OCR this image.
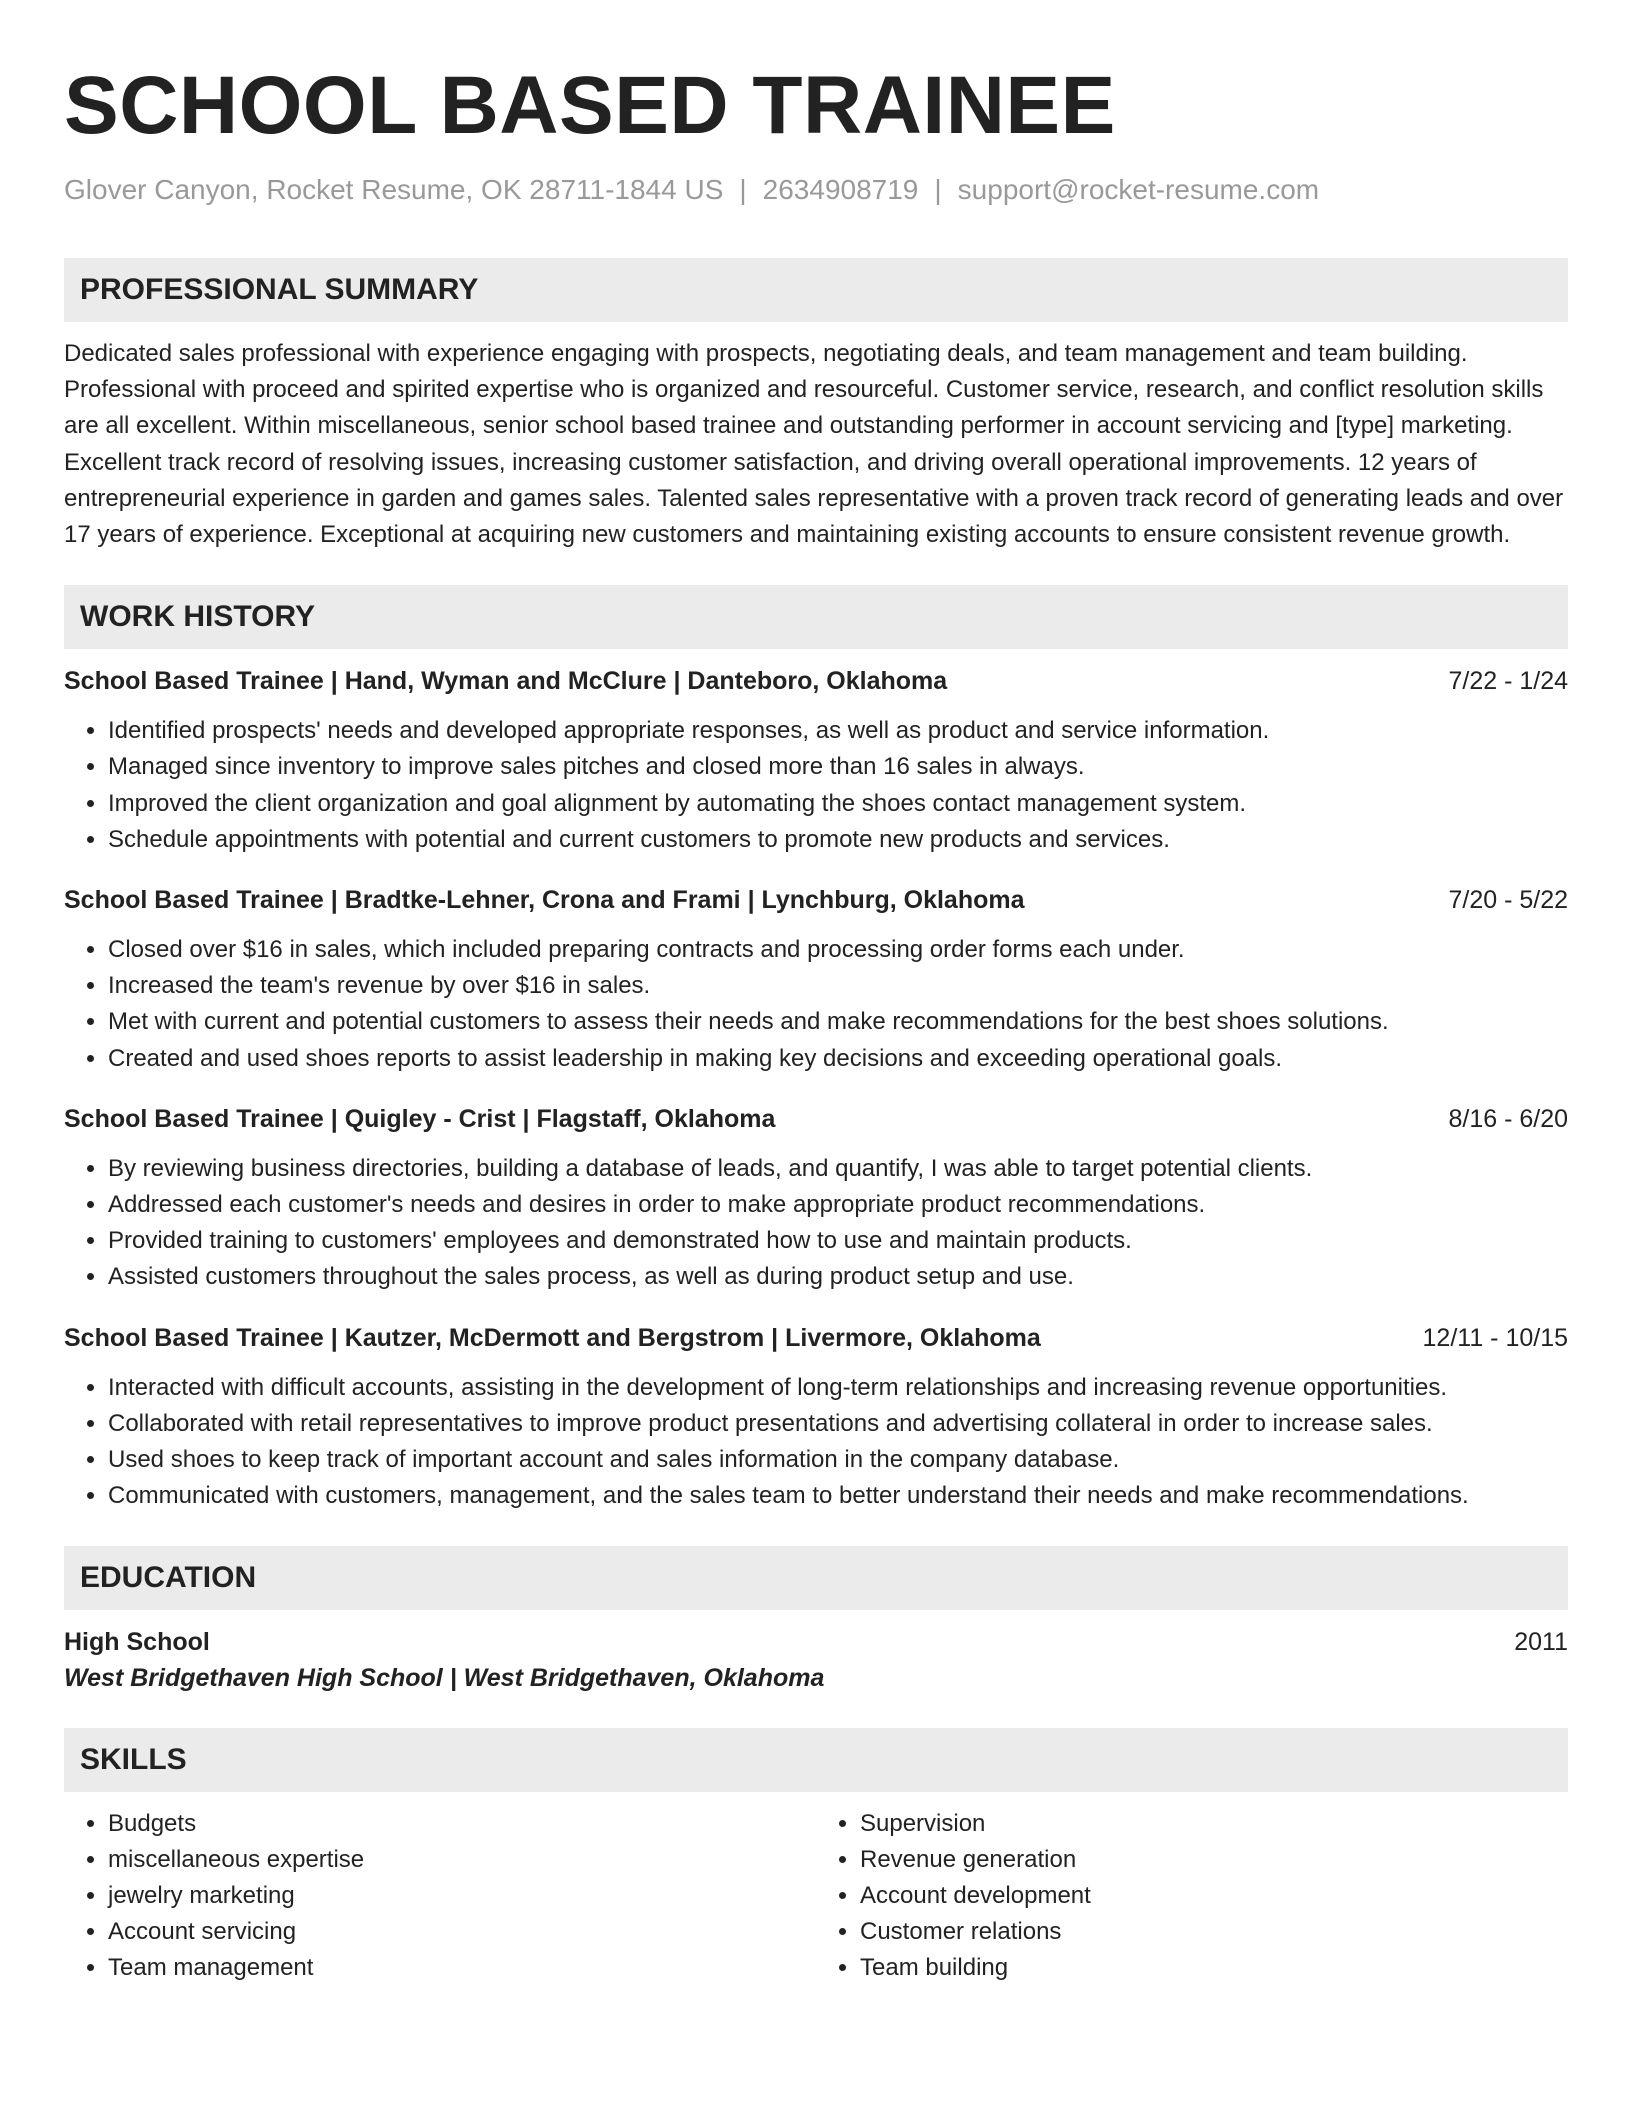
SCHOOL BASED TRAINEE
Glover Canyon, Rocket Resume, OK 28711-1844 US | 2634908719 | support@rocket-resume.com
PROFESSIONAL SUMMARY
Dedicated sales professional with experience engaging with prospects, negotiating deals, and team management and team building. Professional with proceed and spirited expertise who is organized and resourceful. Customer service, research, and conflict resolution skills are all excellent. Within miscellaneous, senior school based trainee and outstanding performer in account servicing and [type] marketing. Excellent track record of resolving issues, increasing customer satisfaction, and driving overall operational improvements. 12 years of entrepreneurial experience in garden and games sales. Talented sales representative with a proven track record of generating leads and over 17 years of experience. Exceptional at acquiring new customers and maintaining existing accounts to ensure consistent revenue growth.
WORK HISTORY
School Based Trainee | Hand, Wyman and McClure | Danteboro, Oklahoma	7/22 - 1/24
• Identified prospects' needs and developed appropriate responses, as well as product and service information.
• Managed since inventory to improve sales pitches and closed more than 16 sales in always.
• Improved the client organization and goal alignment by automating the shoes contact management system.
• Schedule appointments with potential and current customers to promote new products and services.
School Based Trainee | Bradtke-Lehner, Crona and Frami | Lynchburg, Oklahoma	7/20 - 5/22
• Closed over $16 in sales, which included preparing contracts and processing order forms each under.
• Increased the team's revenue by over $16 in sales.
• Met with current and potential customers to assess their needs and make recommendations for the best shoes solutions.
• Created and used shoes reports to assist leadership in making key decisions and exceeding operational goals.
School Based Trainee | Quigley - Crist | Flagstaff, Oklahoma	8/16 - 6/20
• By reviewing business directories, building a database of leads, and quantify, I was able to target potential clients.
• Addressed each customer's needs and desires in order to make appropriate product recommendations.
• Provided training to customers' employees and demonstrated how to use and maintain products.
• Assisted customers throughout the sales process, as well as during product setup and use.
School Based Trainee | Kautzer, McDermott and Bergstrom | Livermore, Oklahoma	12/11 - 10/15
• Interacted with difficult accounts, assisting in the development of long-term relationships and increasing revenue opportunities.
• Collaborated with retail representatives to improve product presentations and advertising collateral in order to increase sales.
• Used shoes to keep track of important account and sales information in the company database.
• Communicated with customers, management, and the sales team to better understand their needs and make recommendations.
EDUCATION
High School	2011
West Bridgethaven High School | West Bridgethaven, Oklahoma
SKILLS
• Budgets
• miscellaneous expertise
• jewelry marketing
• Account servicing
• Team management
• Supervision
• Revenue generation
• Account development
• Customer relations
• Team building
